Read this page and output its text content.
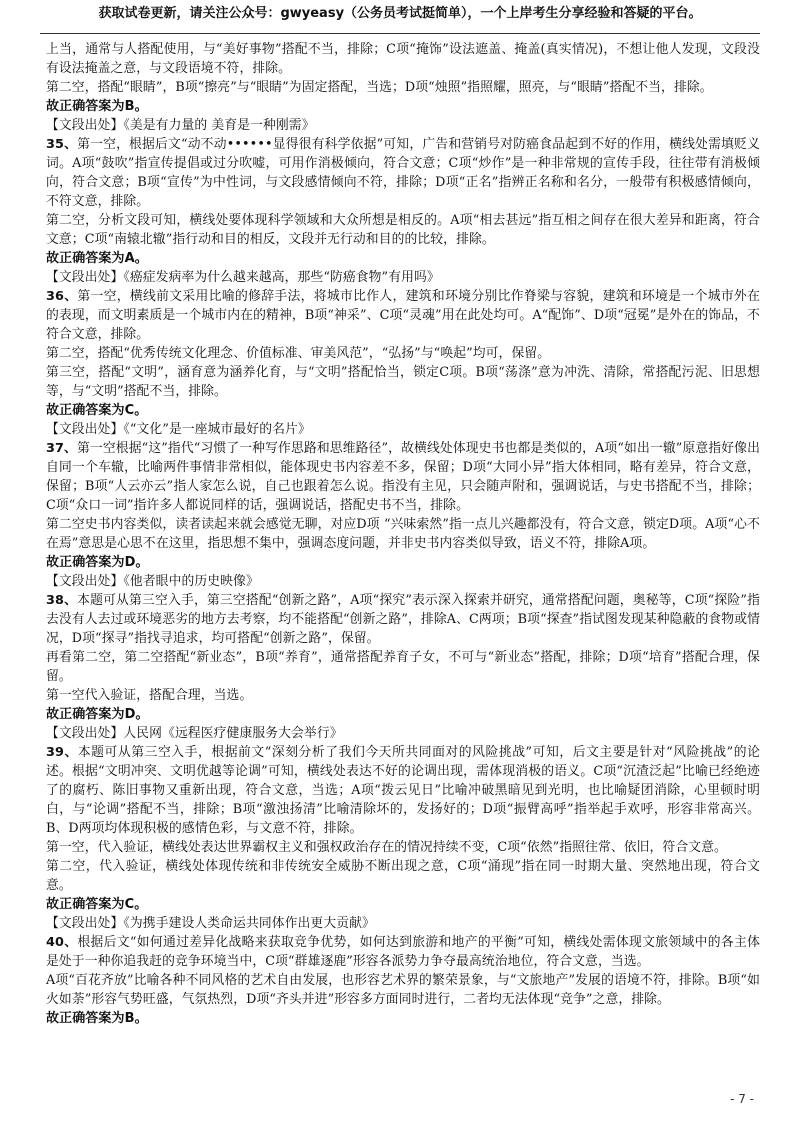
获取试卷更新，请关注公众号：gwyeasy（公务员考试挺简单），一个上岸考生分享经验和答疑的平台。

上当，通常与人搭配使用，与“美好事物”搭配不当，排除；C项“掩饰”设法遮盖、掩盖(真实情况)，不想让他人发现，文段没有设法掩盖之意，与文段语境不符，排除。

第二空，搭配“眼睛”，B项“擦亮”与“眼睛”为固定搭配，当选；D项“烛照”指照耀，照亮，与“眼睛”搭配不当，排除。

故正确答案为B。

【文段出处】《美是有力量的 美育是一种刚需》

35、第一空，根据后文“动不动••••••显得很有科学依据”可知，广告和营销号对防癌食品起到不好的作用，横线处需填贬义词。A项“鼓吹”指宣传提倡或过分吹嘘，可用作消极倾向，符合文意；C项“炒作”是一种非常规的宣传手段，往往带有消极倾向，符合文意；B项“宣传”为中性词，与文段感情倾向不符，排除；D项“正名”指辨正名称和名分，一般带有积极感情倾向，不符文意，排除。

第二空，分析文段可知，横线处要体现科学领域和大众所想是相反的。A项“相去甚远”指互相之间存在很大差异和距离，符合文意；C项“南辕北辙”指行动和目的相反，文段并无行动和目的的比较，排除。

故正确答案为A。

【文段出处】《癌症发病率为什么越来越高，那些“防癌食物”有用吗》

36、第一空，横线前文采用比喻的修辞手法，将城市比作人，建筑和环境分别比作脊梁与容貌，建筑和环境是一个城市外在的表现，而文明素质是一个城市内在的精神，B项“神采”、C项“灵魂”用在此处均可。A“配饰”、D项“冠冕”是外在的饰品，不符合文意，排除。

第二空，搭配“优秀传统文化理念、价值标准、审美风范”，“弘扬”与“唤起”均可，保留。

第三空，搭配“文明”，涵育意为涵养化育，与“文明”搭配恰当，锁定C项。B项“荡涤”意为冲洗、清除，常搭配污泥、旧思想等，与“文明”搭配不当，排除。

故正确答案为C。

【文段出处】《“文化”是一座城市最好的名片》

37、第一空根据“这”指代“习惯了一种写作思路和思维路径”，故横线处体现史书也都是类似的，A项“如出一辙”原意指好像出自同一个车辙，比喻两件事情非常相似，能体现史书内容差不多，保留；D项“大同小异”指大体相同，略有差异，符合文意，保留；B项“人云亦云”指人家怎么说，自己也跟着怎么说。指没有主见，只会随声附和，强调说话，与史书搭配不当，排除；C项“众口一词”指许多人都说同样的话，强调说话，搭配史书不当，排除。

第二空史书内容类似，读者读起来就会感觉无聊，对应D项 “兴味索然”指一点儿兴趣都没有，符合文意，锁定D项。A项“心不在焉”意思是心思不在这里，指思想不集中，强调态度问题，并非史书内容类似导致，语义不符，排除A项。

故正确答案为D。

【文段出处】《他者眼中的历史映像》

38、本题可从第三空入手，第三空搭配“创新之路”，A项“探究”表示深入探索并研究，通常搭配问题，奥秘等，C项“探险”指去没有人去过或环境恶劣的地方去考察，均不能搭配“创新之路”，排除A、C两项；B项“探查”指试图发现某种隐蔽的食物或情况，D项“探寻”指找寻追求，均可搭配“创新之路”，保留。

再看第二空，第二空搭配“新业态”，B项“养育”，通常搭配养育子女，不可与“新业态”搭配，排除；D项“培育”搭配合理，保留。

第一空代入验证，搭配合理，当选。

故正确答案为D。

【文段出处】人民网《远程医疗健康服务大会举行》

39、本题可从第三空入手，根据前文“深刻分析了我们今天所共同面对的风险挑战”可知，后文主要是针对“风险挑战”的论述。根据“文明冲突、文明优越等论调”可知，横线处表达不好的论调出现，需体现消极的语义。C项“沉渣泛起”比喻已经绝迹了的腐朽、陈旧事物又重新出现，符合文意，当选；A项“拨云见日”比喻冲破黑暗见到光明，也比喻疑团消除，心里顿时明白，与“论调”搭配不当，排除；B项“激浊扬清”比喻清除坏的，发扬好的；D项“振臂高呼”指举起手欢呼，形容非常高兴。B、D两项均体现积极的感情色彩，与文意不符，排除。

第一空，代入验证，横线处表达世界霸权主义和强权政治存在的情况持续不变，C项“依然”指照往常、依旧，符合文意。

第二空，代入验证，横线处体现传统和非传统安全威胁不断出现之意，C项“涌现”指在同一时期大量、突然地出现，符合文意。

故正确答案为C。

【文段出处】《为携手建设人类命运共同体作出更大贡献》

40、根据后文“如何通过差异化战略来获取竞争优势，如何达到旅游和地产的平衡”可知，横线处需体现文旅领域中的各主体是处于一种你追我赶的竞争环境当中，C项“群雄逐鹿”形容各派势力争夺最高统治地位，符合文意，当选。

A项“百花齐放”比喻各种不同风格的艺术自由发展，也形容艺术界的繁荣景象，与“文旅地产”发展的语境不符，排除。B项“如火如荼”形容气势旺盛，气氛热烈，D项“齐头并进”形容多方面同时进行，二者均无法体现“竞争”之意，排除。

故正确答案为B。

- 7 -
